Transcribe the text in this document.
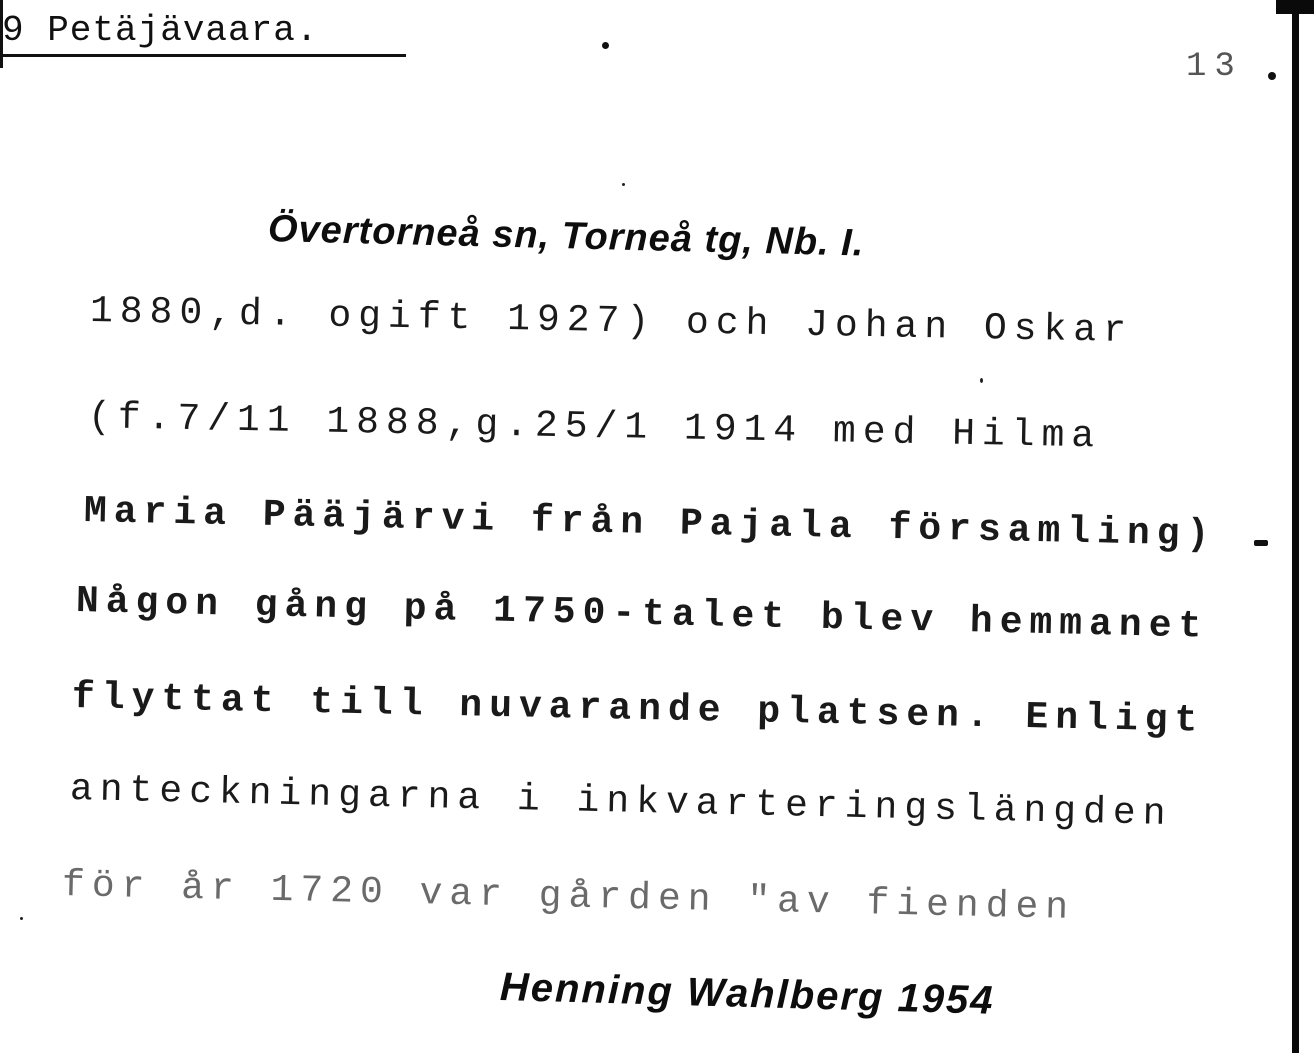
9 Petäjävaara.
13
Övertorneå sn, Torneå tg, Nb. I.
1880,d. ogift 1927) och Johan Oskar
(f.7/11 1888,g.25/1 1914 med Hilma
Maria Pääjärvi från Pajala församling)
Någon gång på 1750-talet blev hemmanet
flyttat till nuvarande platsen. Enligt
anteckningarna i inkvarteringslängden
för år 1720 var gården "av fienden
Henning Wahlberg 1954
